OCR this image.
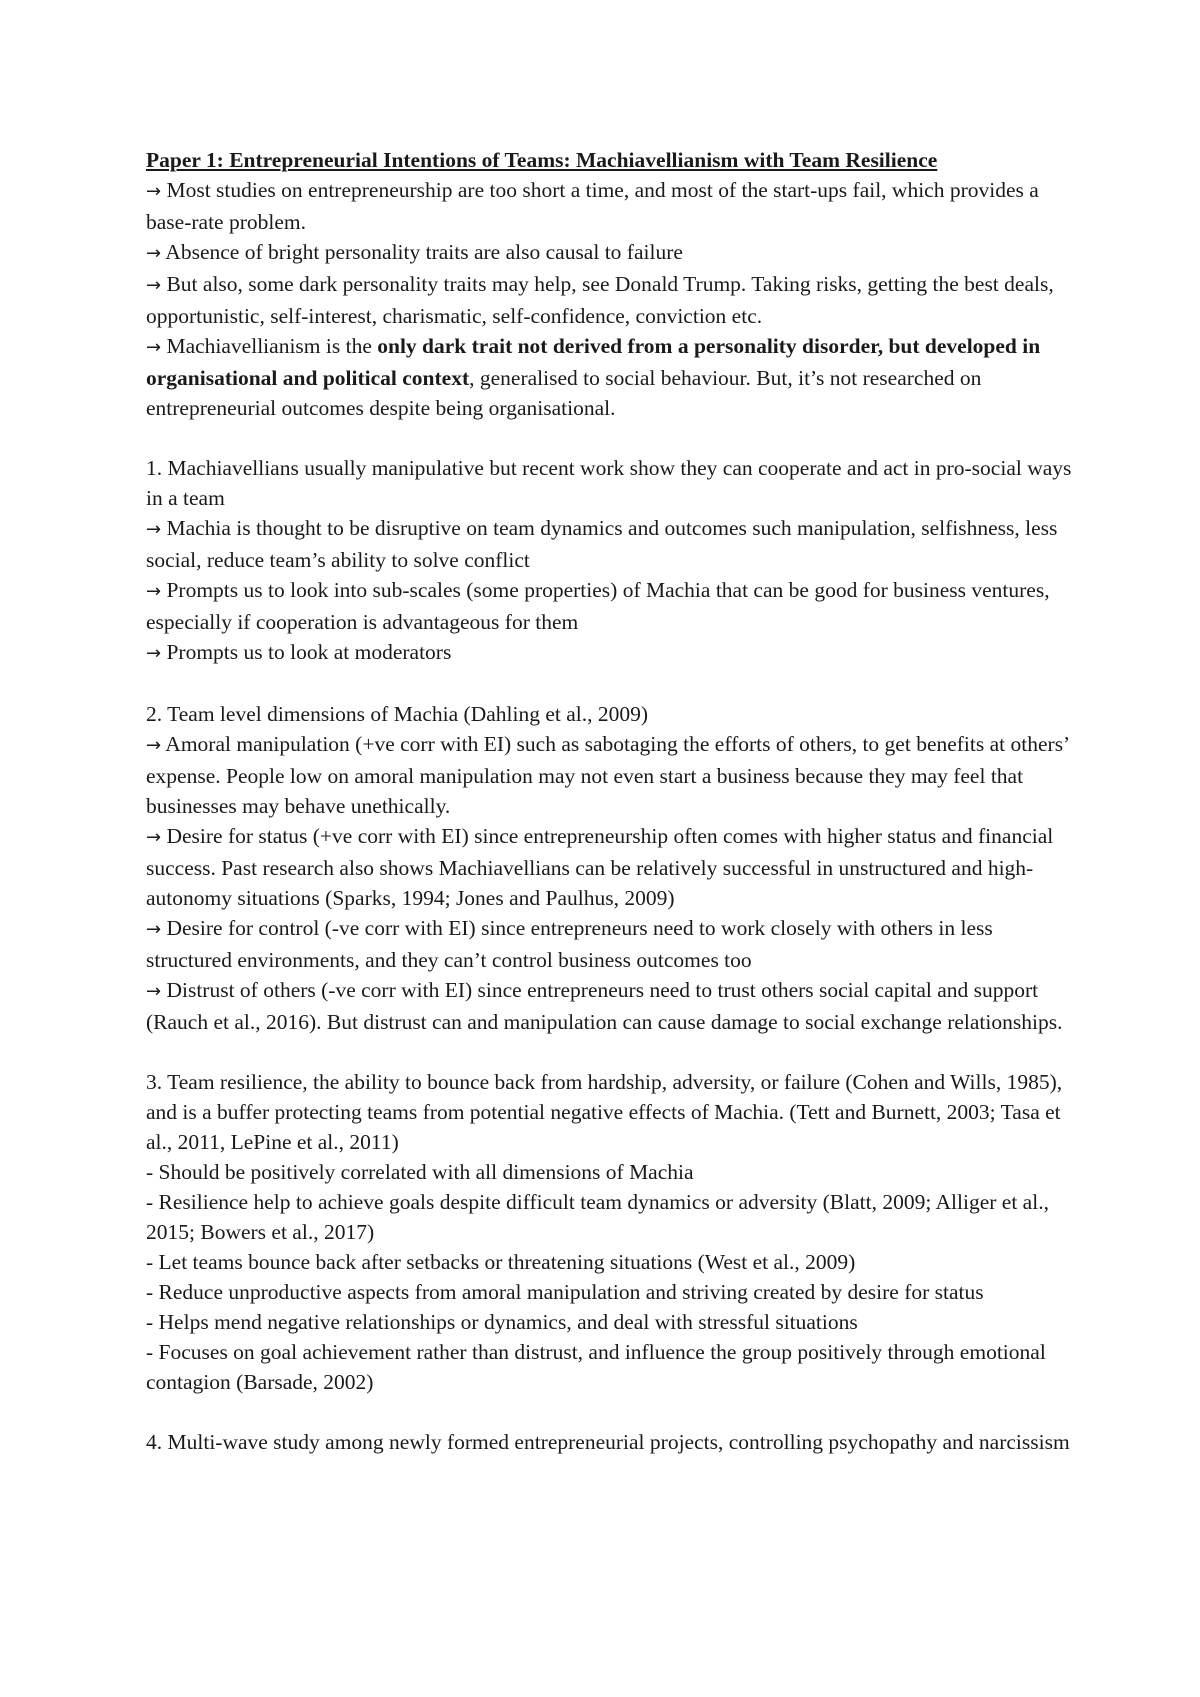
Paper 1: Entrepreneurial Intentions of Teams: Machiavellianism with Team Resilience

→ Most studies on entrepreneurship are too short a time, and most of the start-ups fail, which provides a base-rate problem.

→ Absence of bright personality traits are also causal to failure

→ But also, some dark personality traits may help, see Donald Trump. Taking risks, getting the best deals, opportunistic, self-interest, charismatic, self-confidence, conviction etc.

→ Machiavellianism is the only dark trait not derived from a personality disorder, but developed in organisational and political context, generalised to social behaviour. But, it’s not researched on entrepreneurial outcomes despite being organisational.

1. Machiavellians usually manipulative but recent work show they can cooperate and act in pro-social ways in a team

→ Machia is thought to be disruptive on team dynamics and outcomes such manipulation, selfishness, less social, reduce team’s ability to solve conflict

→ Prompts us to look into sub-scales (some properties) of Machia that can be good for business ventures, especially if cooperation is advantageous for them

→ Prompts us to look at moderators

2. Team level dimensions of Machia (Dahling et al., 2009)

→ Amoral manipulation (+ve corr with EI) such as sabotaging the efforts of others, to get benefits at others’ expense. People low on amoral manipulation may not even start a business because they may feel that businesses may behave unethically.

→ Desire for status (+ve corr with EI) since entrepreneurship often comes with higher status and financial success. Past research also shows Machiavellians can be relatively successful in unstructured and high-autonomy situations (Sparks, 1994; Jones and Paulhus, 2009)

→ Desire for control (-ve corr with EI) since entrepreneurs need to work closely with others in less structured environments, and they can’t control business outcomes too

→ Distrust of others (-ve corr with EI) since entrepreneurs need to trust others social capital and support (Rauch et al., 2016). But distrust can and manipulation can cause damage to social exchange relationships.

3. Team resilience, the ability to bounce back from hardship, adversity, or failure (Cohen and Wills, 1985), and is a buffer protecting teams from potential negative effects of Machia. (Tett and Burnett, 2003; Tasa et al., 2011, LePine et al., 2011)

- Should be positively correlated with all dimensions of Machia

- Resilience help to achieve goals despite difficult team dynamics or adversity (Blatt, 2009; Alliger et al., 2015; Bowers et al., 2017)

- Let teams bounce back after setbacks or threatening situations (West et al., 2009)

- Reduce unproductive aspects from amoral manipulation and striving created by desire for status

- Helps mend negative relationships or dynamics, and deal with stressful situations

- Focuses on goal achievement rather than distrust, and influence the group positively through emotional contagion (Barsade, 2002)

4. Multi-wave study among newly formed entrepreneurial projects, controlling psychopathy and narcissism
